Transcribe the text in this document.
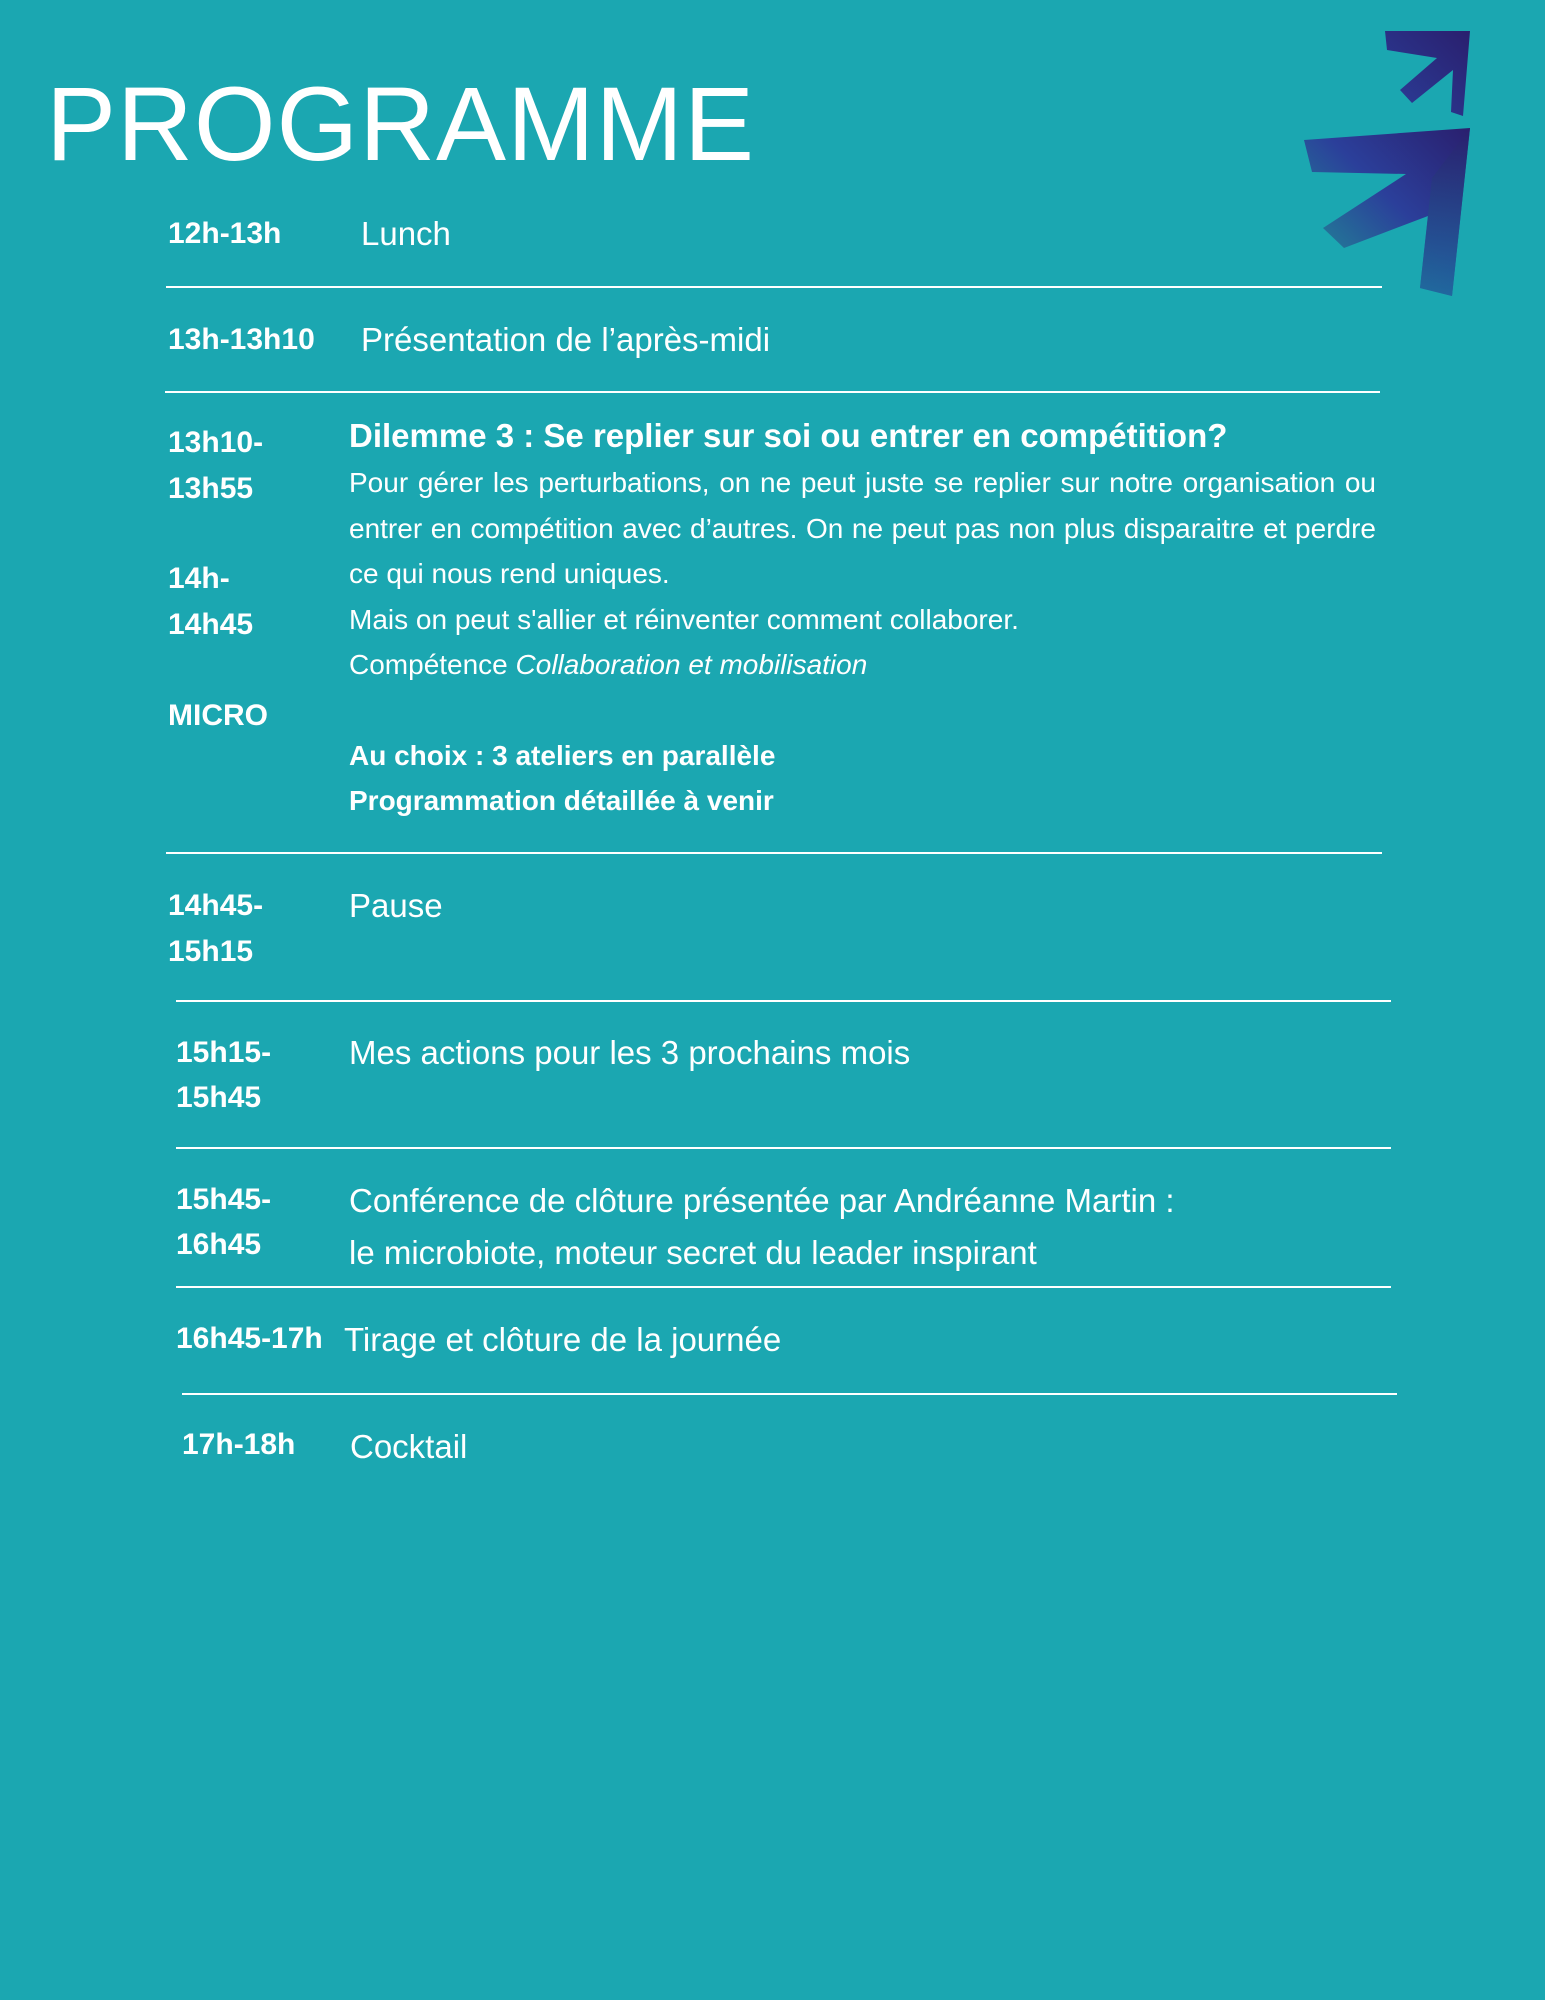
PROGRAMME
12h-13h Lunch
13h-13h10 Présentation de l’après-midi
13h10-
13h55
14h-
14h45
MICRO
Dilemme 3 : Se replier sur soi ou entrer en compétition?
Pour gérer les perturbations, on ne peut juste se replier sur notre organisation ou entrer en compétition avec d’autres. On ne peut pas non plus disparaitre et perdre ce qui nous rend uniques.
Mais on peut s'allier et réinventer comment collaborer.
Compétence Collaboration et mobilisation
Au choix : 3 ateliers en parallèle
Programmation détaillée à venir
14h45-
15h15
Pause
15h15-
15h45
Mes actions pour les 3 prochains mois
15h45-
16h45
Conférence de clôture présentée par Andréanne Martin :
le microbiote, moteur secret du leader inspirant
16h45-17h Tirage et clôture de la journée
17h-18h Cocktail
